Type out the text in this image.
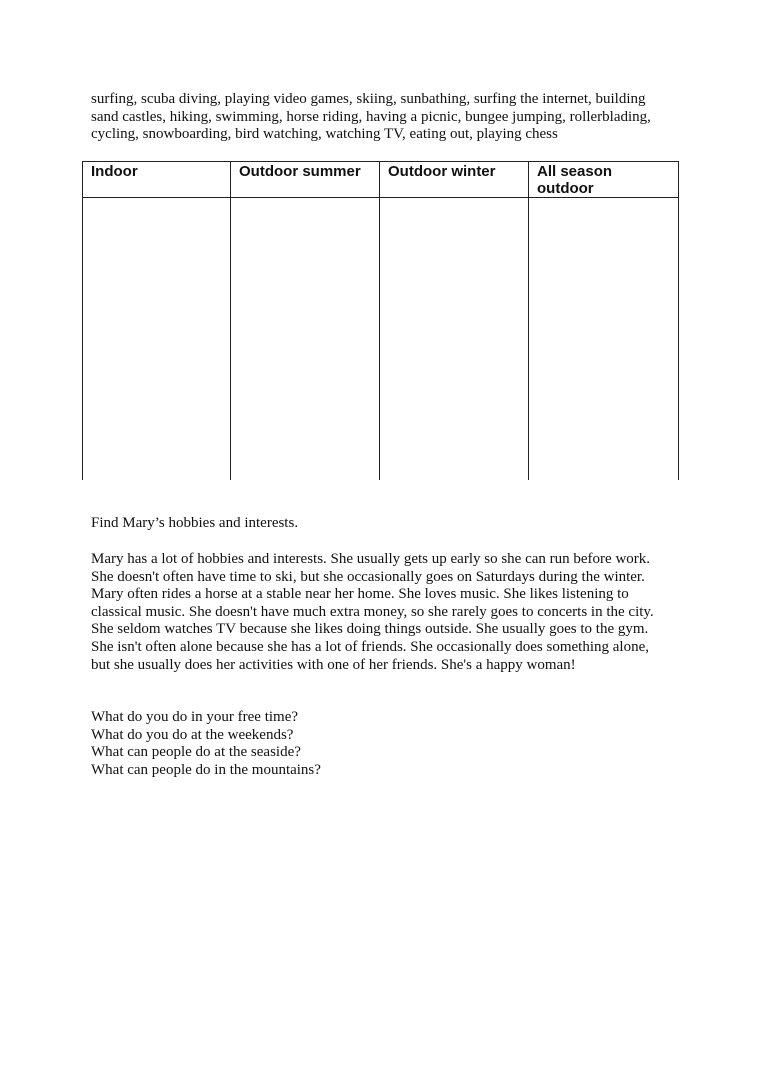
surfing, scuba diving, playing video games, skiing, sunbathing, surfing the internet, building
sand castles, hiking, swimming, horse riding, having a picnic, bungee jumping, rollerblading,
cycling, snowboarding, bird watching, watching TV, eating out, playing chess
Indoor	Outdoor summer	Outdoor winter	All season
outdoor

Find Mary’s hobbies and interests.

Mary has a lot of hobbies and interests. She usually gets up early so she can run before work.
She doesn't often have time to ski, but she occasionally goes on Saturdays during the winter.
Mary often rides a horse at a stable near her home. She loves music. She likes listening to
classical music. She doesn't have much extra money, so she rarely goes to concerts in the city.
She seldom watches TV because she likes doing things outside. She usually goes to the gym.
She isn't often alone because she has a lot of friends. She occasionally does something alone,
but she usually does her activities with one of her friends. She's a happy woman!
What do you do in your free time?
What do you do at the weekends?
What can people do at the seaside?
What can people do in the mountains?
